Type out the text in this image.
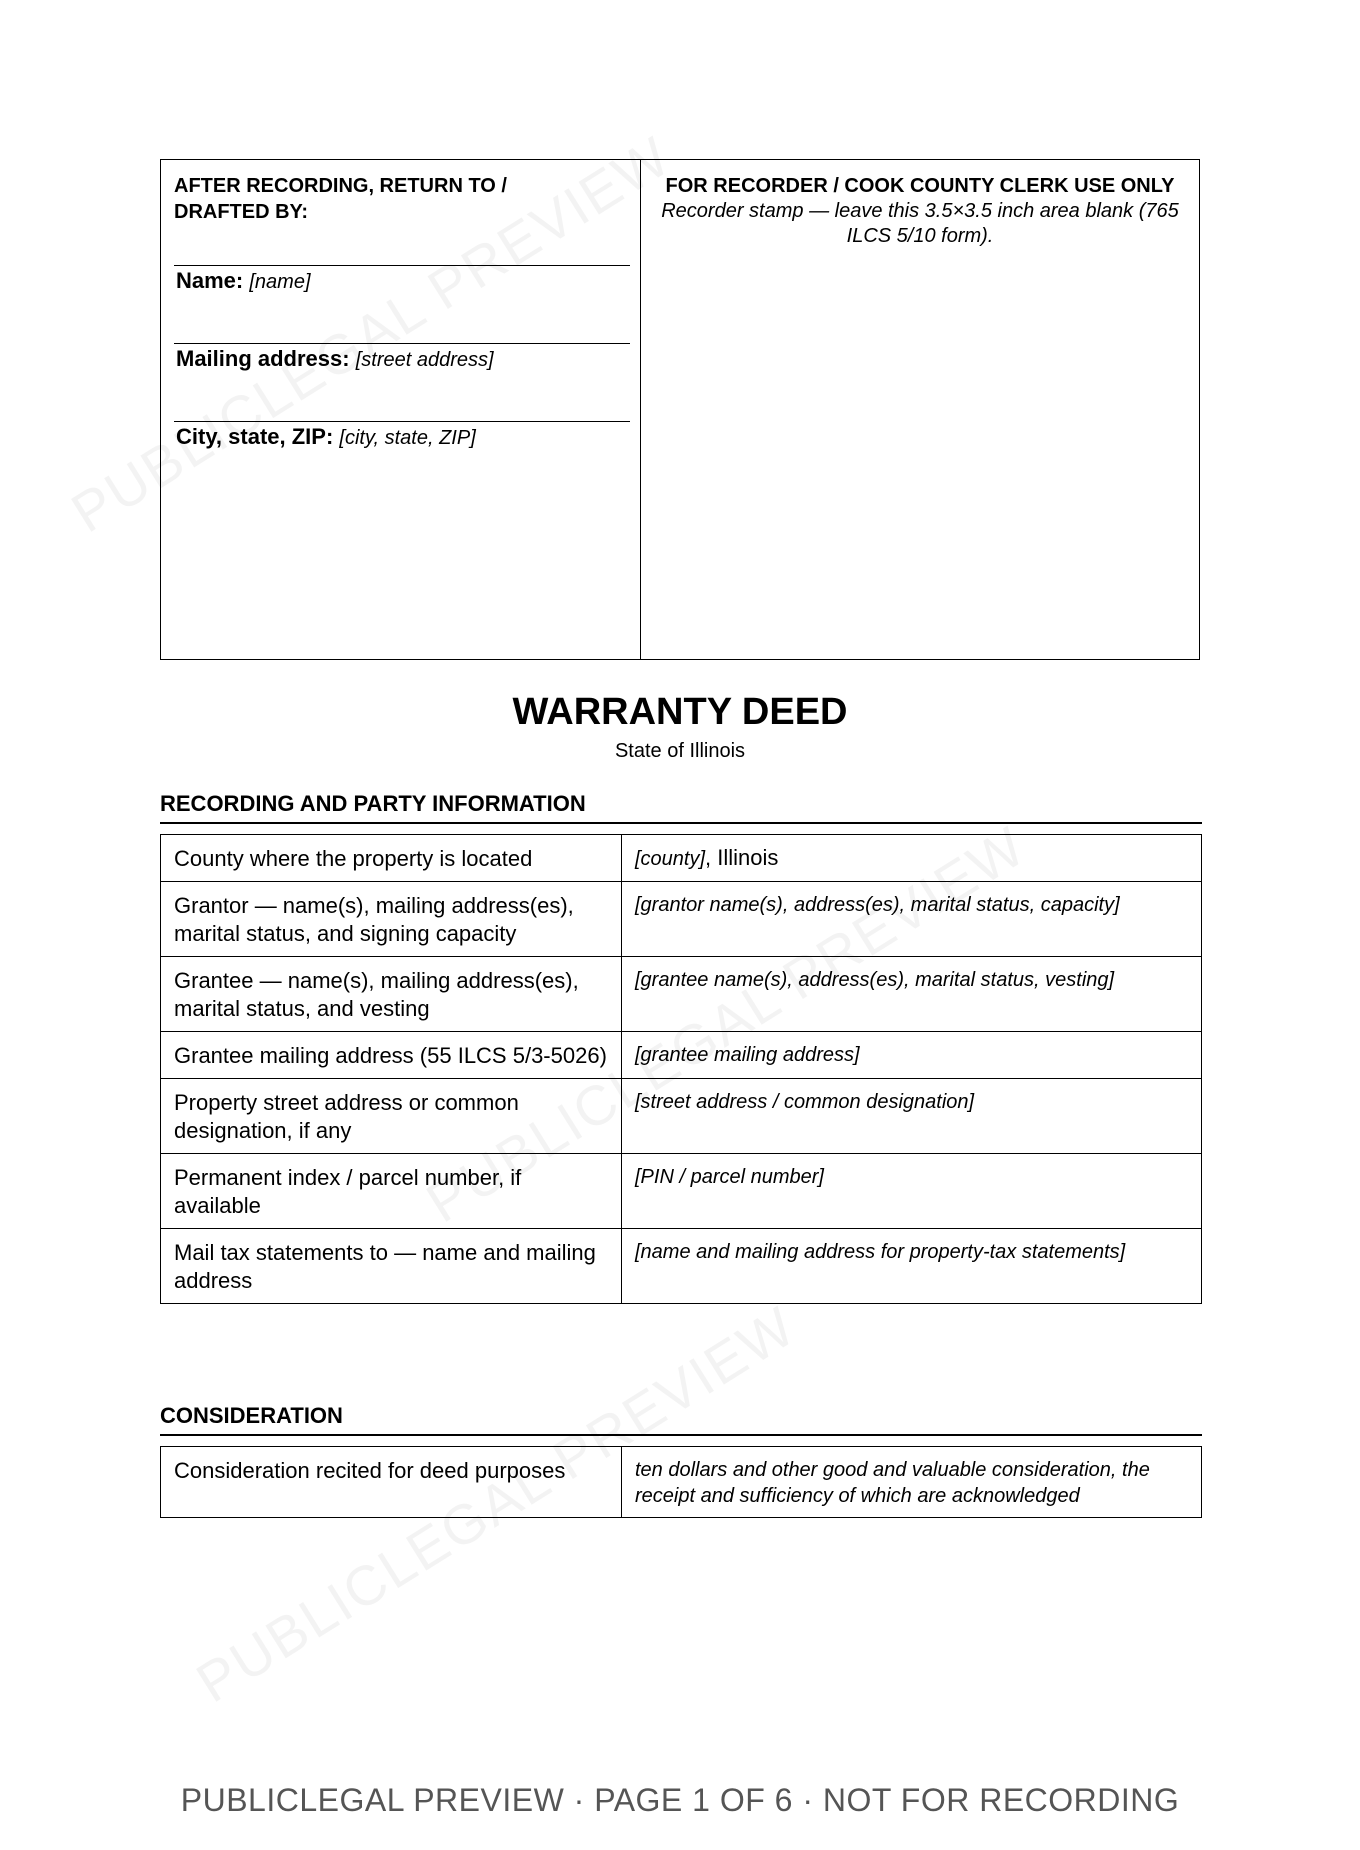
AFTER RECORDING, RETURN TO / DRAFTED BY:
Name: [name]
Mailing address: [street address]
City, state, ZIP: [city, state, ZIP]
FOR RECORDER / COOK COUNTY CLERK USE ONLY
Recorder stamp — leave this 3.5×3.5 inch area blank (765 ILCS 5/10 form).
WARRANTY DEED
State of Illinois
RECORDING AND PARTY INFORMATION
County where the property is located	[county], Illinois
Grantor — name(s), mailing address(es), marital status, and signing capacity	[grantor name(s), address(es), marital status, capacity]
Grantee — name(s), mailing address(es), marital status, and vesting	[grantee name(s), address(es), marital status, vesting]
Grantee mailing address (55 ILCS 5/3-5026)	[grantee mailing address]
Property street address or common designation, if any	[street address / common designation]
Permanent index / parcel number, if available	[PIN / parcel number]
Mail tax statements to — name and mailing address	[name and mailing address for property-tax statements]
CONSIDERATION
Consideration recited for deed purposes	ten dollars and other good and valuable consideration, the receipt and sufficiency of which are acknowledged
PUBLICLEGAL PREVIEW · PAGE 1 OF 6 · NOT FOR RECORDING
